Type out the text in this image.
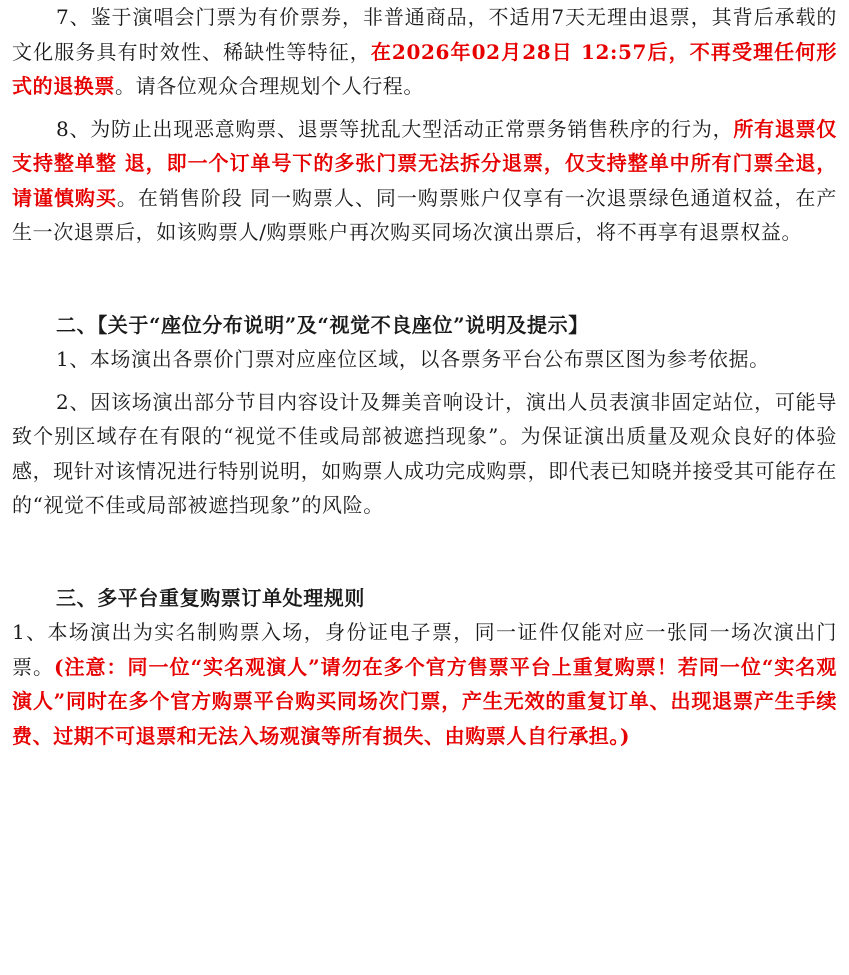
7、鉴于演唱会门票为有价票券，非普通商品，不适用7天无理由退票，其背后承载的文化服务具有时效性、稀缺性等特征，在2026年02月28日 12:57后，不再受理任何形式的退换票。请各位观众合理规划个人行程。

8、为防止出现恶意购票、退票等扰乱大型活动正常票务销售秩序的行为，所有退票仅支持整单整 退，即一个订单号下的多张门票无法拆分退票，仅支持整单中所有门票全退，请谨慎购买。在销售阶段 同一购票人、同一购票账户仅享有一次退票绿色通道权益，在产生一次退票后，如该购票人/购票账户再次购买同场次演出票后，将不再享有退票权益。

二、【关于“座位分布说明”及“视觉不良座位”说明及提示】

1、本场演出各票价门票对应座位区域，以各票务平台公布票区图为参考依据。

2、因该场演出部分节目内容设计及舞美音响设计，演出人员表演非固定站位，可能导致个别区域存在有限的“视觉不佳或局部被遮挡现象”。为保证演出质量及观众良好的体验感，现针对该情况进行特别说明，如购票人成功完成购票，即代表已知晓并接受其可能存在的“视觉不佳或局部被遮挡现象”的风险。

三、多平台重复购票订单处理规则

1、本场演出为实名制购票入场，身份证电子票，同一证件仅能对应一张同一场次演出门票。(注意：同一位“实名观演人”请勿在多个官方售票平台上重复购票！若同一位“实名观演人”同时在多个官方购票平台购买同场次门票，产生无效的重复订单、出现退票产生手续费、过期不可退票和无法入场观演等所有损失、由购票人自行承担。)
